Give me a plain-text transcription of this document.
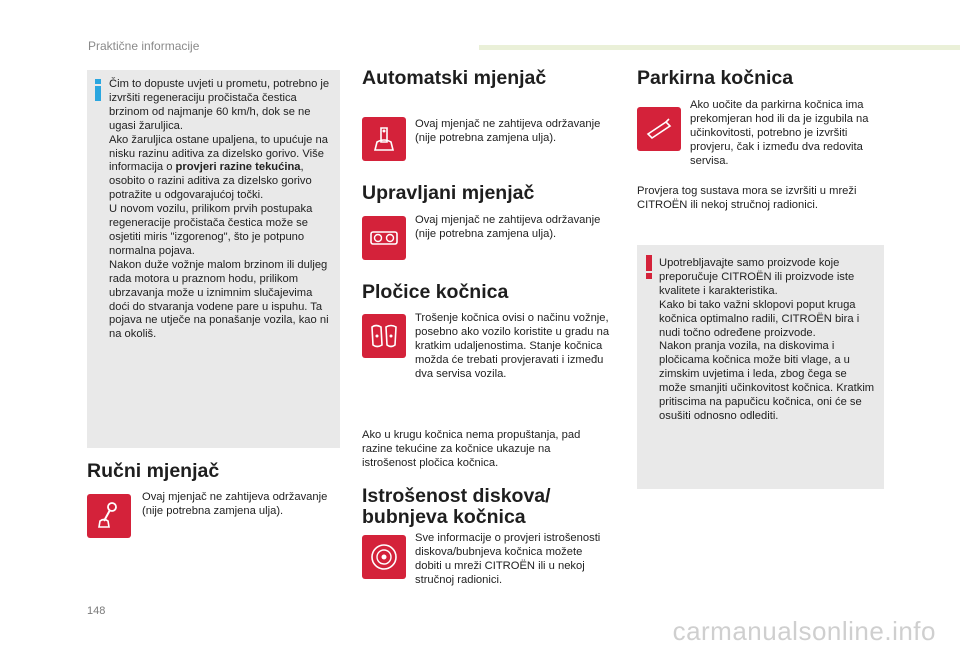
Praktične informacije
Čim to dopuste uvjeti u prometu, potrebno je izvršiti regeneraciju pročistača čestica brzinom od najmanje 60 km/h, dok se ne ugasi žaruljica.
Ako žaruljica ostane upaljena, to upućuje na nisku razinu aditiva za dizelsko gorivo. Više informacija o provjeri razine tekućina, osobito o razini aditiva za dizelsko gorivo potražite u odgovarajućoj točki.
U novom vozilu, prilikom prvih postupaka regeneracije pročistača čestica može se osjetiti miris "izgorenog", što je potpuno normalna pojava.
Nakon duže vožnje malom brzinom ili duljeg rada motora u praznom hodu, prilikom ubrzavanja može u iznimnim slučajevima doći do stvaranja vodene pare u ispuhu. Ta pojava ne utječe na ponašanje vozila, kao ni na okoliš.
Ručni mjenjač
Ovaj mjenjač ne zahtijeva održavanje (nije potrebna zamjena ulja).
Automatski mjenjač
Ovaj mjenjač ne zahtijeva održavanje (nije potrebna zamjena ulja).
Upravljani mjenjač
Ovaj mjenjač ne zahtijeva održavanje (nije potrebna zamjena ulja).
Pločice kočnica
Trošenje kočnica ovisi o načinu vožnje, posebno ako vozilo koristite u gradu na kratkim udaljenostima. Stanje kočnica možda će trebati provjeravati i između dva servisa vozila.
Ako u krugu kočnica nema propuštanja, pad razine tekućine za kočnice ukazuje na istrošenost pločica kočnica.
Istrošenost diskova/
bubnjeva kočnica
Sve informacije o provjeri istrošenosti diskova/bubnjeva kočnica možete dobiti u mreži CITROËN ili u nekoj stručnoj radionici.
Parkirna kočnica
Ako uočite da parkirna kočnica ima prekomjeran hod ili da je izgubila na učinkovitosti, potrebno je izvršiti provjeru, čak i između dva redovita servisa.
Provjera tog sustava mora se izvršiti u mreži CITROËN ili nekoj stručnoj radionici.
Upotrebljavajte samo proizvode koje preporučuje CITROËN ili proizvode iste kvalitete i karakteristika.
Kako bi tako važni sklopovi poput kruga kočnica optimalno radili, CITROËN bira i nudi točno određene proizvode.
Nakon pranja vozila, na diskovima i pločicama kočnica može biti vlage, a u zimskim uvjetima i leda, zbog čega se može smanjiti učinkovitost kočnica. Kratkim pritiscima na papučicu kočnica, oni će se osušiti odnosno odlediti.
148
carmanualsonline.info
